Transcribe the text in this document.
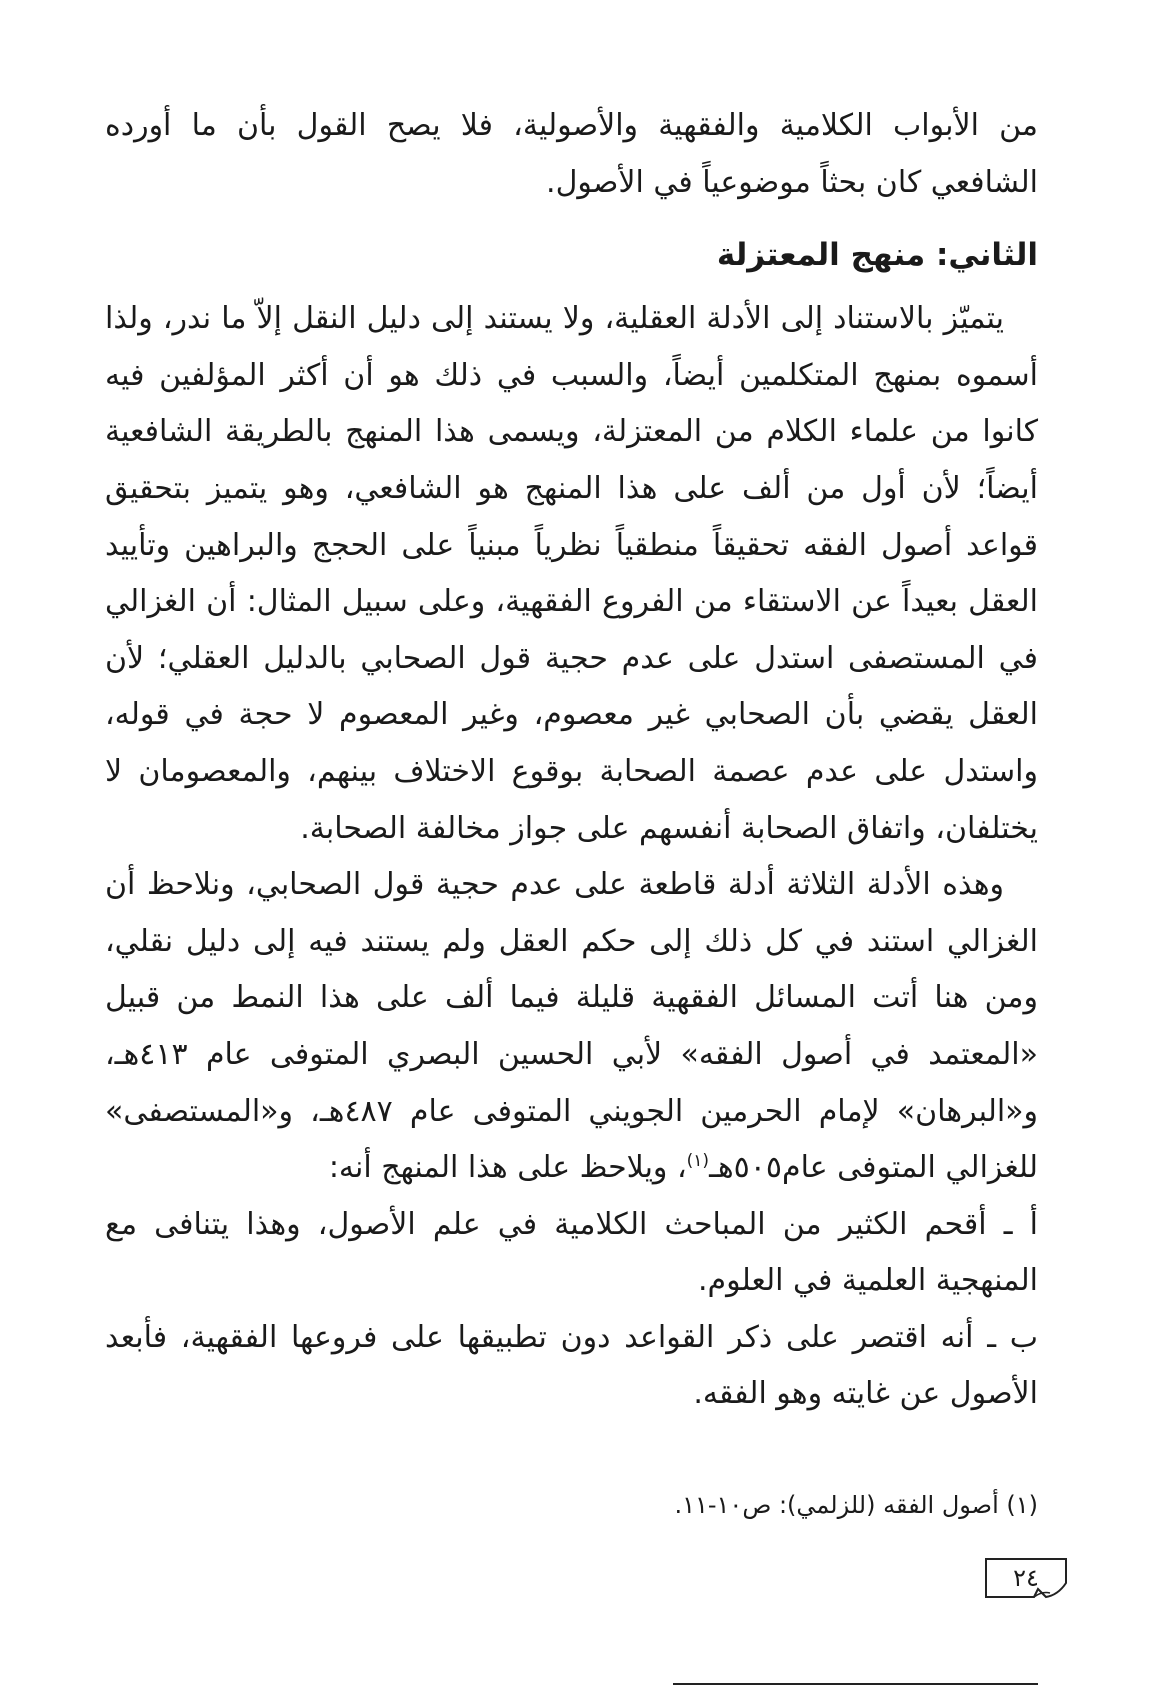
من الأبواب الكلامية والفقهية والأصولية، فلا يصح القول بأن ما أورده الشافعي كان بحثاً موضوعياً في الأصول.

الثاني: منهج المعتزلة

يتميّز بالاستناد إلى الأدلة العقلية، ولا يستند إلى دليل النقل إلاّ ما ندر، ولذا أسموه بمنهج المتكلمين أيضاً، والسبب في ذلك هو أن أكثر المؤلفين فيه كانوا من علماء الكلام من المعتزلة، ويسمى هذا المنهج بالطريقة الشافعية أيضاً؛ لأن أول من ألف على هذا المنهج هو الشافعي، وهو يتميز بتحقيق قواعد أصول الفقه تحقيقاً منطقياً نظرياً مبنياً على الحجج والبراهين وتأييد العقل بعيداً عن الاستقاء من الفروع الفقهية، وعلى سبيل المثال: أن الغزالي في المستصفى استدل على عدم حجية قول الصحابي بالدليل العقلي؛ لأن العقل يقضي بأن الصحابي غير معصوم، وغير المعصوم لا حجة في قوله، واستدل على عدم عصمة الصحابة بوقوع الاختلاف بينهم، والمعصومان لا يختلفان، واتفاق الصحابة أنفسهم على جواز مخالفة الصحابة.

وهذه الأدلة الثلاثة أدلة قاطعة على عدم حجية قول الصحابي، ونلاحظ أن الغزالي استند في كل ذلك إلى حكم العقل ولم يستند فيه إلى دليل نقلي، ومن هنا أتت المسائل الفقهية قليلة فيما ألف على هذا النمط من قبيل «المعتمد في أصول الفقه» لأبي الحسين البصري المتوفى عام ٤١٣هـ، و«البرهان» لإمام الحرمين الجويني المتوفى عام ٤٨٧هـ، و«المستصفى» للغزالي المتوفى عام٥٠٥هـ$^{(١)}$، ويلاحظ على هذا المنهج أنه:

أ ـ أقحم الكثير من المباحث الكلامية في علم الأصول، وهذا يتنافى مع المنهجية العلمية في العلوم.

ب ـ أنه اقتصر على ذكر القواعد دون تطبيقها على فروعها الفقهية، فأبعد الأصول عن غايته وهو الفقه.

(١) أصول الفقه (للزلمي): ص١٠-١١.
٢٤
